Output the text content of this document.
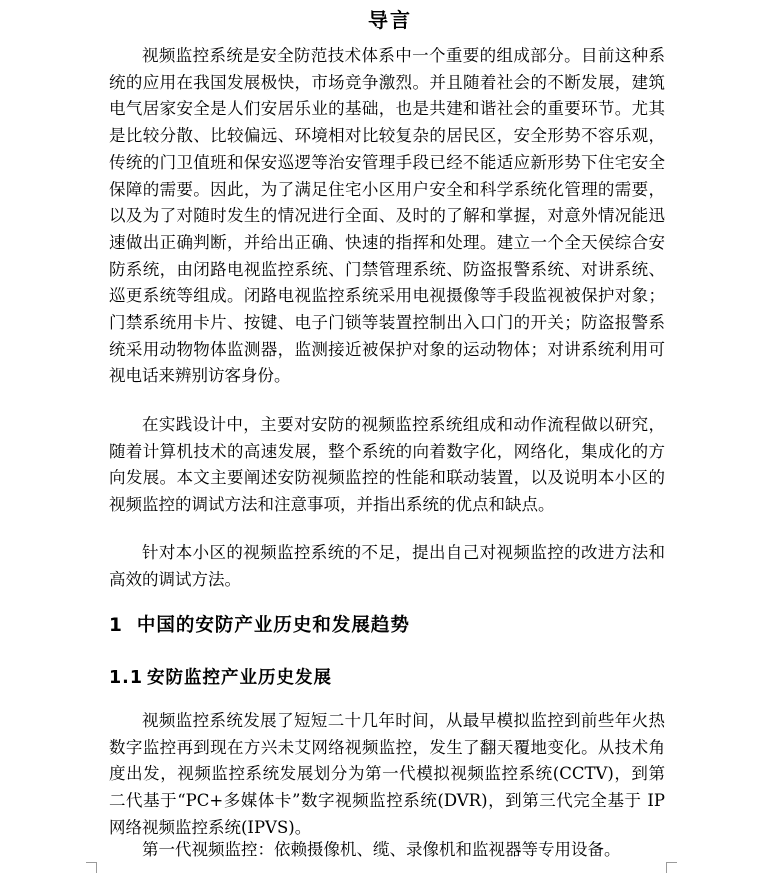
导言

视频监控系统是安全防范技术体系中一个重要的组成部分。目前这种系统的应用在我国发展极快，市场竞争激烈。并且随着社会的不断发展，建筑电气居家安全是人们安居乐业的基础，也是共建和谐社会的重要环节。尤其是比较分散、比较偏远、环境相对比较复杂的居民区，安全形势不容乐观，传统的门卫值班和保安巡逻等治安管理手段已经不能适应新形势下住宅安全保障的需要。因此，为了满足住宅小区用户安全和科学系统化管理的需要，以及为了对随时发生的情况进行全面、及时的了解和掌握，对意外情况能迅速做出正确判断，并给出正确、快速的指挥和处理。建立一个全天侯综合安防系统，由闭路电视监控系统、门禁管理系统、防盗报警系统、对讲系统、巡更系统等组成。闭路电视监控系统采用电视摄像等手段监视被保护对象；门禁系统用卡片、按键、电子门锁等装置控制出入口门的开关；防盗报警系统采用动物物体监测器，监测接近被保护对象的运动物体；对讲系统利用可视电话来辨别访客身份。

在实践设计中，主要对安防的视频监控系统组成和动作流程做以研究，随着计算机技术的高速发展，整个系统的向着数字化，网络化，集成化的方向发展。本文主要阐述安防视频监控的性能和联动装置，以及说明本小区的视频监控的调试方法和注意事项，并指出系统的优点和缺点。

针对本小区的视频监控系统的不足，提出自己对视频监控的改进方法和高效的调试方法。

1 中国的安防产业历史和发展趋势
1.1 安防监控产业历史发展

视频监控系统发展了短短二十几年时间，从最早模拟监控到前些年火热数字监控再到现在方兴未艾网络视频监控，发生了翻天覆地变化。从技术角度出发，视频监控系统发展划分为第一代模拟视频监控系统(CCTV)，到第二代基于“PC+多媒体卡”数字视频监控系统(DVR)，到第三代完全基于 IP 网络视频监控系统(IPVS)。

第一代视频监控：依赖摄像机、缆、录像机和监视器等专用设备。
